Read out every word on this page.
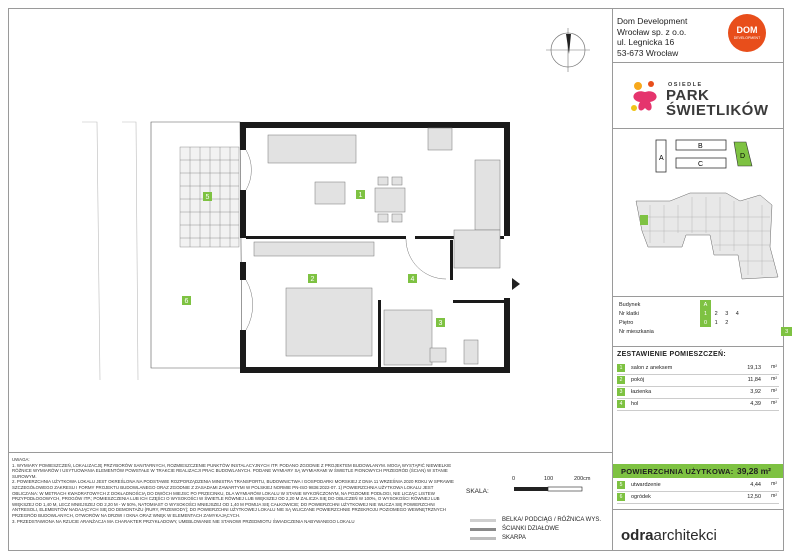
1
2
3
4
5
6
Dom Development
Wrocław sp. z o.o.
ul. Legnicka 16
53-673 Wrocław
DOM
DEVELOPMENT
OSIEDLE
PARK
ŚWIETLIKÓW
A
B
C
D
Budynek	A								
Nr klatki	1	2	3	4					
Piętro	0	1	2						
Nr mieszkania									3
ZESTAWIENIE POMIESZCZEŃ:
1	salon z aneksem	19,13 m²
2	pokój	11,84 m²
3	łazienka	3,92 m²
4	hol	4,39 m²
POWIERZCHNIA UŻYTKOWA: 39,28 m²
5	utwardzenie	4,44 m²
6	ogródek	12,50 m²
odraarchitekci
UWAGA:
1. WYMIARY POMIESZCZEŃ, LOKALIZACJĘ PRZYBORÓW SANITARNYCH, ROZMIESZCZENIE PUNKTÓW INSTALACYJNYCH ITP. PODANO ZGODNIE Z PROJEKTEM BUDOWLANYM. MOGĄ WYSTĄPIĆ NIEWIELKIE RÓŻNICE WYMIARÓW I USYTUOWANIA ELEMENTÓW POWSTAŁE W TRAKCIE REALIZACJI PRAC BUDOWLANYCH. PODANE WYMIARY SĄ WYMIARAMI W ŚWIETLE PIONOWYCH PRZEGRÓD (ŚCIAN) W STANIE SUROWYM.
2. POWIERZCHNIA UŻYTKOWA LOKALU JEST OKREŚLONA NA PODSTAWIE ROZPORZĄDZENIA MINISTRA TRANSPORTU, BUDOWNICTWA I GOSPODARKI MORSKIEJ Z DNIA 11 WRZEŚNIA 2020 ROKU W SPRAWIE SZCZEGÓŁOWEGO ZAKRESU I FORMY PROJEKTU BUDOWLANEGO ORAZ ZGODNIE Z ZASADAMI ZAWARTYMI W POLSKIEJ NORMIE PN-ISO 9836:2022-07. 1) POWIERZCHNIA UŻYTKOWA LOKALU JEST OBLICZANA: W METRACH KWADRATOWYCH Z DOKŁADNOŚCIĄ DO DWÓCH MIEJSC PO PRZECINKU, DLA WYMIARÓW LOKALU W STANIE WYKOŃCZONYM, NA POZIOMIE PODŁOGI, NIE LICZĄC LISTEW PRZYPODŁOGOWYCH, PROGÓW ITP.; POMIESZCZENIA LUB ICH CZĘŚCI O WYSOKOŚCI W ŚWIETLE RÓWNEJ LUB WIĘKSZEJ OD 2,20 M ZALICZA SIĘ DO OBLICZEŃ W 100%, O WYSOKOŚCI RÓWNEJ LUB WIĘKSZEJ OD 1,40 M, LECZ MNIEJSZEJ OD 2,20 M - W 50%, NATOMIAST O WYSOKOŚCI MNIEJSZEJ OD 1,40 M POMIJA SIĘ CAŁKOWICIE; DO POWIERZCHNI UŻYTKOWEJ NIE WLICZA SIĘ POWIERZCHNI ANTRESOLI, ELEMENTÓW NADAJĄCYCH SIĘ DO DEMONTAŻU (RURY, PRZEWODY); DO POWIERZCHNI UŻYTKOWEJ LOKALU NIE SĄ WLICZANE POWIERZCHNIE PRZEKROJU POZIOMEGO WEWNĘTRZNYCH PRZEGRÓD BUDOWLANYCH, OTWORÓW NA DRZWI I OKNA ORAZ WNĘK W ELEMENTACH ZAMYKAJĄCYCH.
3. PRZEDSTAWIONA NA RZUCIE ARANŻACJA MA CHARAKTER PRZYKŁADOWY, UMEBLOWANIE NIE STANOWI PRZEDMIOTU ŚWIADCZENIA NABYWANEGO LOKALU
SKALA:
0	100	200cm
BELKA/ PODCIĄG / RÓŻNICA WYS.
ŚCIANKI DZIAŁOWE
SKARPA
